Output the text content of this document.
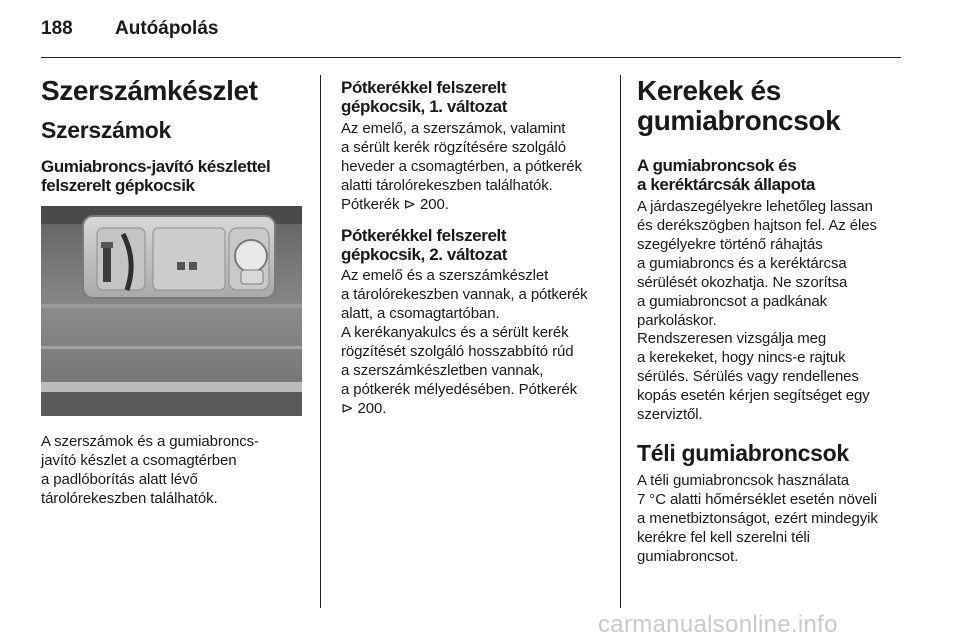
188 Autóápolás
Szerszámkészlet
Szerszámok
Gumiabroncs-javító készlettel
felszerelt gépkocsik
A szerszámok és a gumiabroncs-
javító készlet a csomagtérben
a padlóborítás alatt lévő
tárolórekeszben találhatók.
Pótkerékkel felszerelt
gépkocsik, 1. változat
Az emelő, a szerszámok, valamint
a sérült kerék rögzítésére szolgáló
heveder a csomagtérben, a pótkerék
alatti tárolórekeszben találhatók.
Pótkerék ⊳ 200.
Pótkerékkel felszerelt
gépkocsik, 2. változat
Az emelő és a szerszámkészlet
a tárolórekeszben vannak, a pótkerék
alatt, a csomagtartóban.
A kerékanyakulcs és a sérült kerék
rögzítését szolgáló hosszabbító rúd
a szerszámkészletben vannak,
a pótkerék mélyedésében. Pótkerék
⊳ 200.
Kerekek és
gumiabroncsok
A gumiabroncsok és
a keréktárcsák állapota
A járdaszegélyekre lehetőleg lassan
és derékszögben hajtson fel. Az éles
szegélyekre történő ráhajtás
a gumiabroncs és a keréktárcsa
sérülését okozhatja. Ne szorítsa
a gumiabroncsot a padkának
parkoláskor.
Rendszeresen vizsgálja meg
a kerekeket, hogy nincs-e rajtuk
sérülés. Sérülés vagy rendellenes
kopás esetén kérjen segítséget egy
szerviztől.
Téli gumiabroncsok
A téli gumiabroncsok használata
7 °C alatti hőmérséklet esetén növeli
a menetbiztonságot, ezért mindegyik
kerékre fel kell szerelni téli
gumiabroncsot.
carmanualsonline.info
